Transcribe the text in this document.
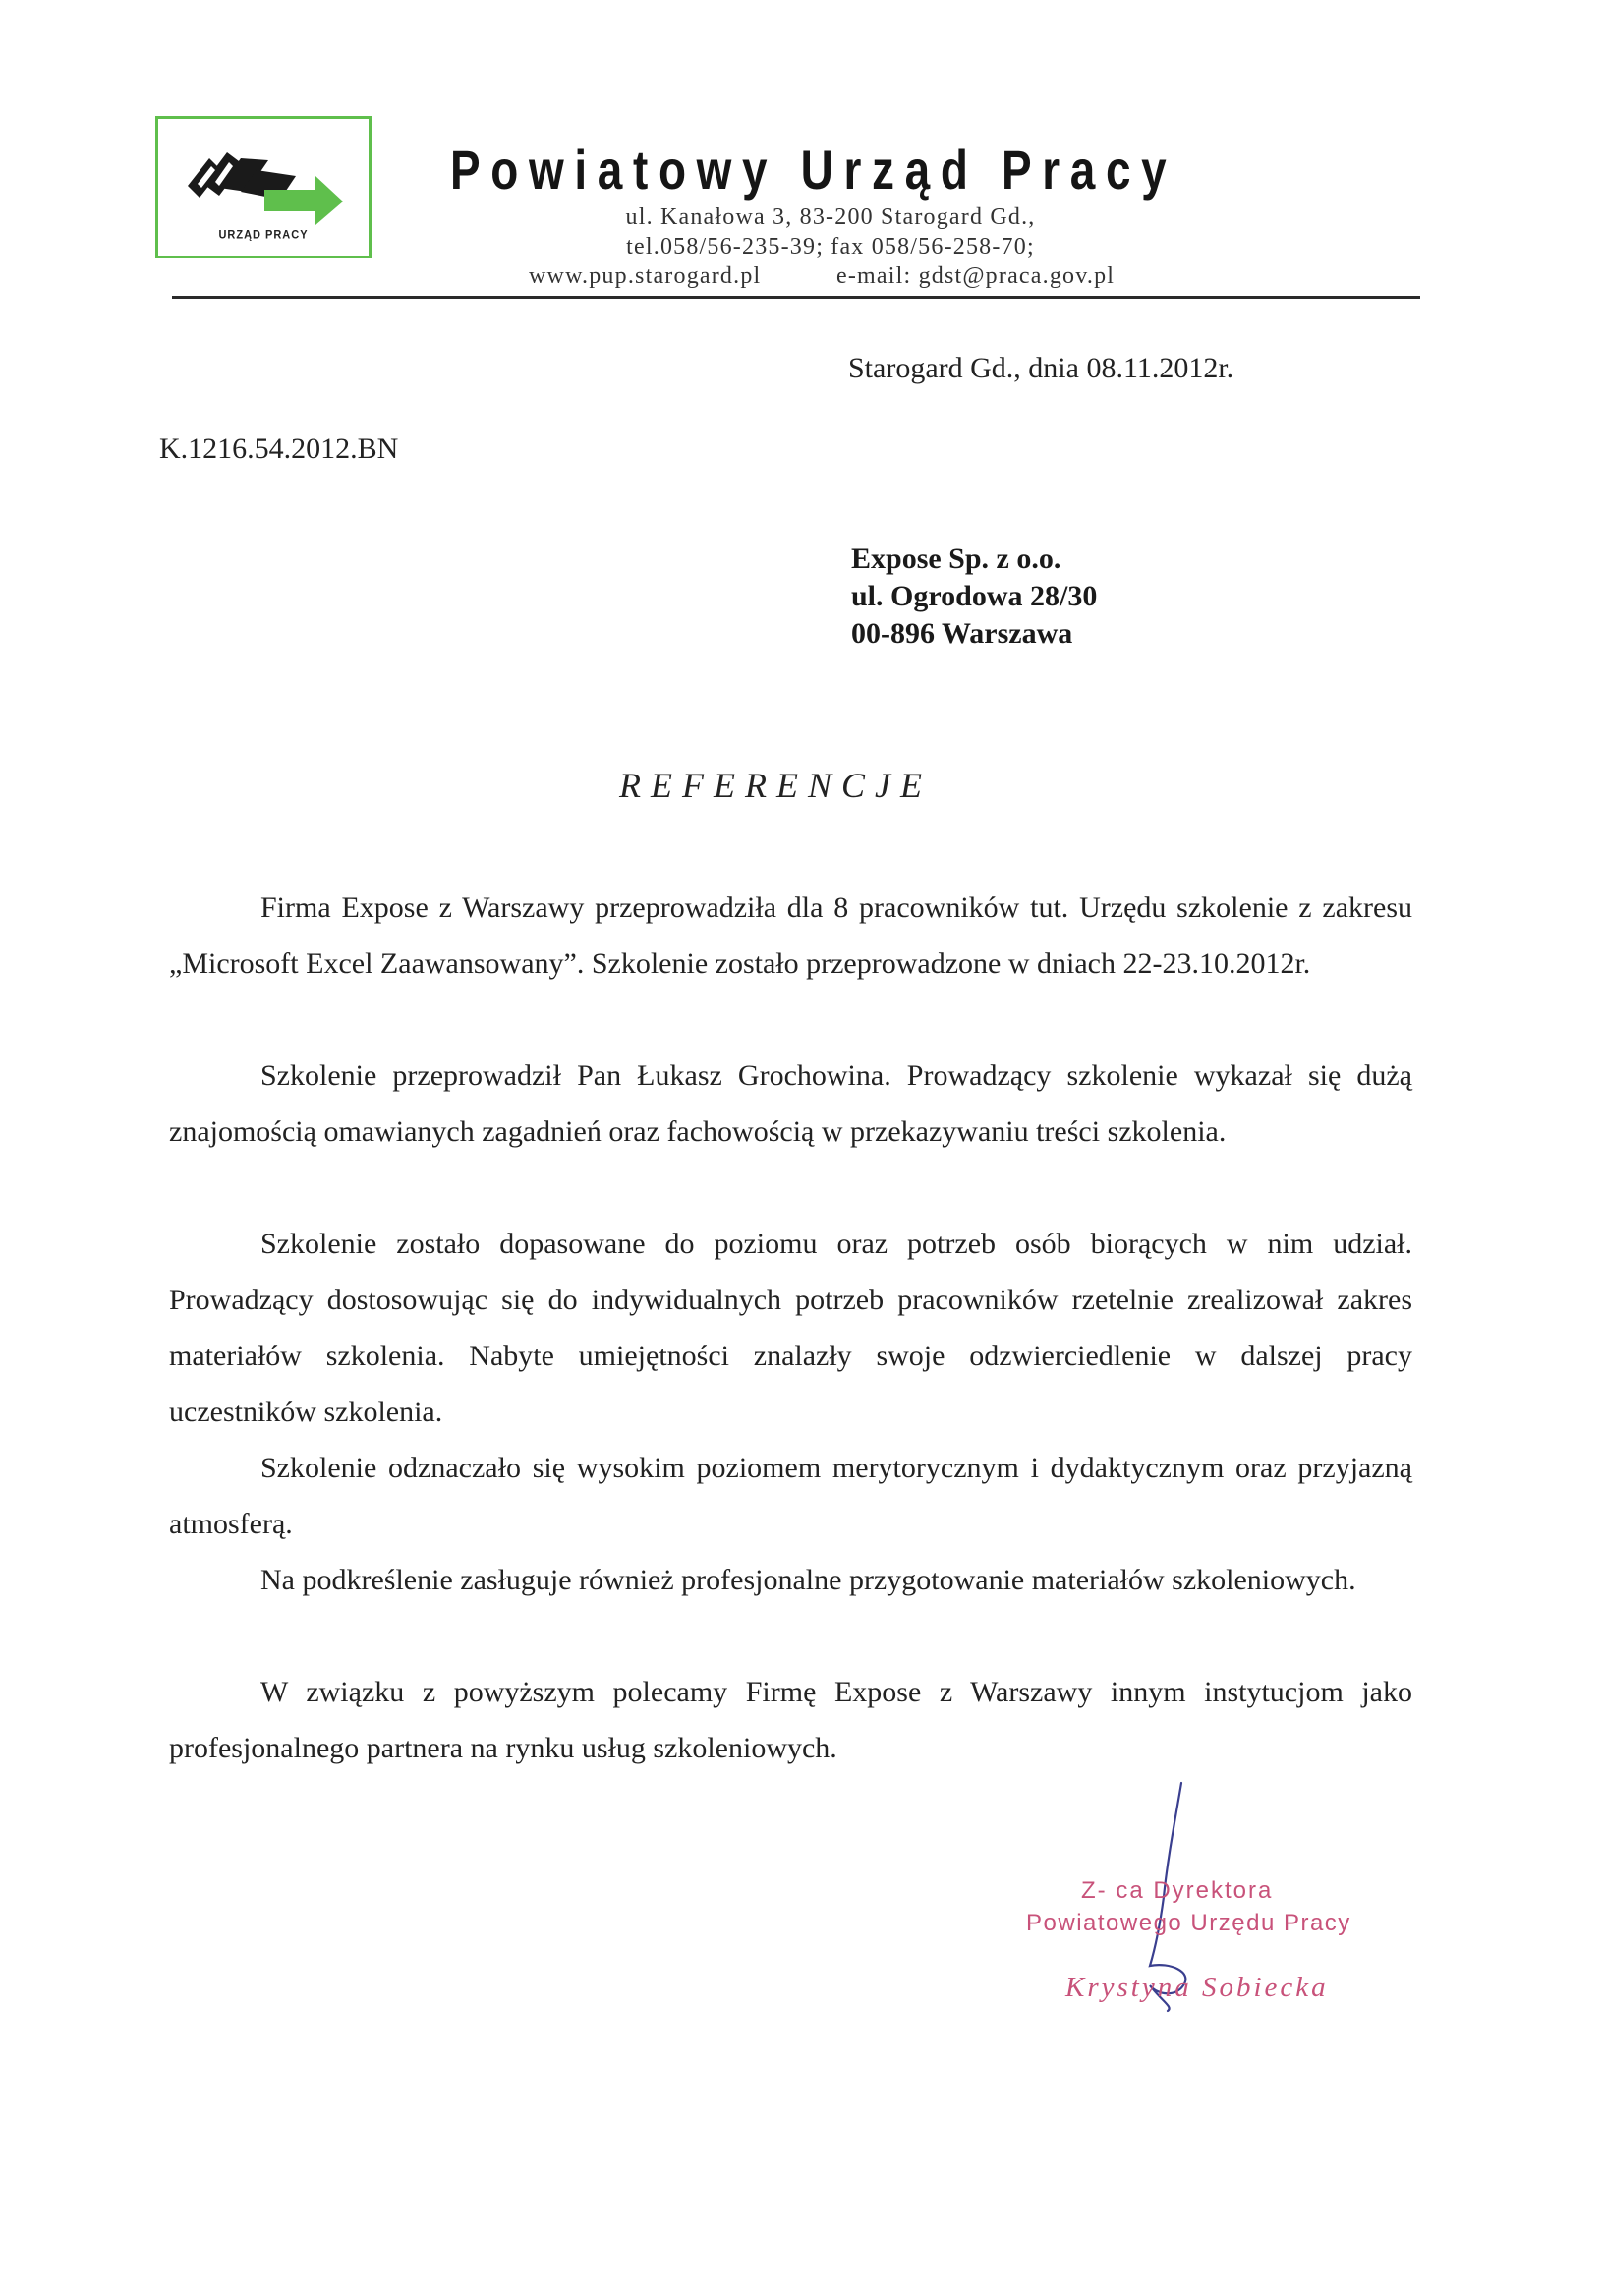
URZĄD PRACY
Powiatowy Urząd Pracy
ul. Kanałowa 3, 83-200 Starogard Gd.,
tel.058/56-235-39; fax 058/56-258-70;
www.pup.starogard.pl	e-mail: gdst@praca.gov.pl
Starogard Gd., dnia 08.11.2012r.
K.1216.54.2012.BN
Expose Sp. z o.o.
ul. Ogrodowa 28/30
00-896 Warszawa
REFERENCJE

Firma Expose z Warszawy przeprowadziła dla 8 pracowników tut. Urzędu szkolenie z zakresu „Microsoft Excel Zaawansowany”. Szkolenie zostało przeprowadzone w dniach 22-23.10.2012r.

Szkolenie przeprowadził Pan Łukasz Grochowina. Prowadzący szkolenie wykazał się dużą znajomością omawianych zagadnień oraz fachowością w przekazywaniu treści szkolenia.

Szkolenie zostało dopasowane do poziomu oraz potrzeb osób biorących w nim udział. Prowadzący dostosowując się do indywidualnych potrzeb pracowników rzetelnie zrealizował zakres materiałów szkolenia. Nabyte umiejętności znalazły swoje odzwierciedlenie w dalszej pracy uczestników szkolenia.

Szkolenie odznaczało się wysokim poziomem merytorycznym i dydaktycznym oraz przyjazną atmosferą.

Na podkreślenie zasługuje również profesjonalne przygotowanie materiałów szkoleniowych.

W związku z powyższym polecamy Firmę Expose z Warszawy innym instytucjom jako profesjonalnego partnera na rynku usług szkoleniowych.

Z- ca Dyrektora
Powiatowego Urzędu Pracy
Krystyna Sobiecka
